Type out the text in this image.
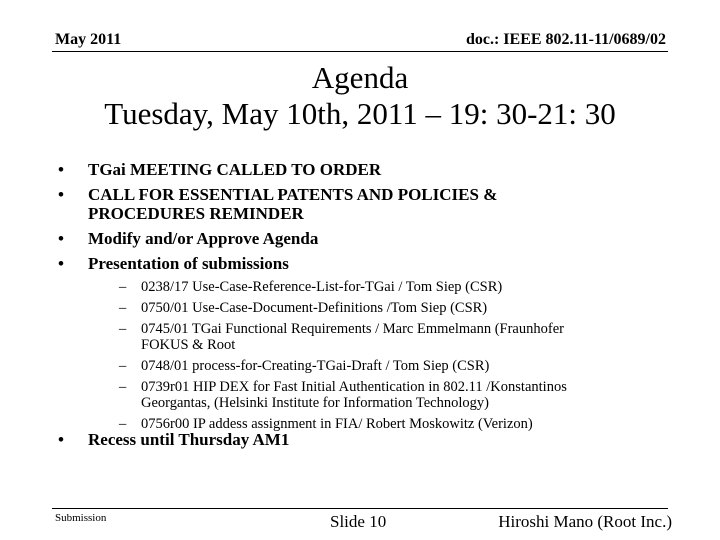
May 2011	doc.: IEEE 802.11-11/0689/02
Agenda
Tuesday, May 10th, 2011 – 19: 30-21: 30
•	TGai MEETING CALLED TO ORDER
•	CALL FOR ESSENTIAL PATENTS AND POLICIES &
PROCEDURES REMINDER
•	Modify and/or Approve Agenda
•	Presentation of submissions
–	0238/17 Use-Case-Reference-List-for-TGai / Tom Siep (CSR)
–	0750/01 Use-Case-Document-Definitions /Tom Siep (CSR)
–	0745/01 TGai Functional Requirements / Marc Emmelmann (Fraunhofer
FOKUS & Root
–	0748/01 process-for-Creating-TGai-Draft / Tom Siep (CSR)
–	0739r01 HIP DEX for Fast Initial Authentication in 802.11 /Konstantinos
Georgantas, (Helsinki Institute for Information Technology)
–	0756r00 IP addess assignment in FIA/ Robert Moskowitz (Verizon)
•	Recess until Thursday AM1
Submission	Slide 10	Hiroshi Mano (Root Inc.)
